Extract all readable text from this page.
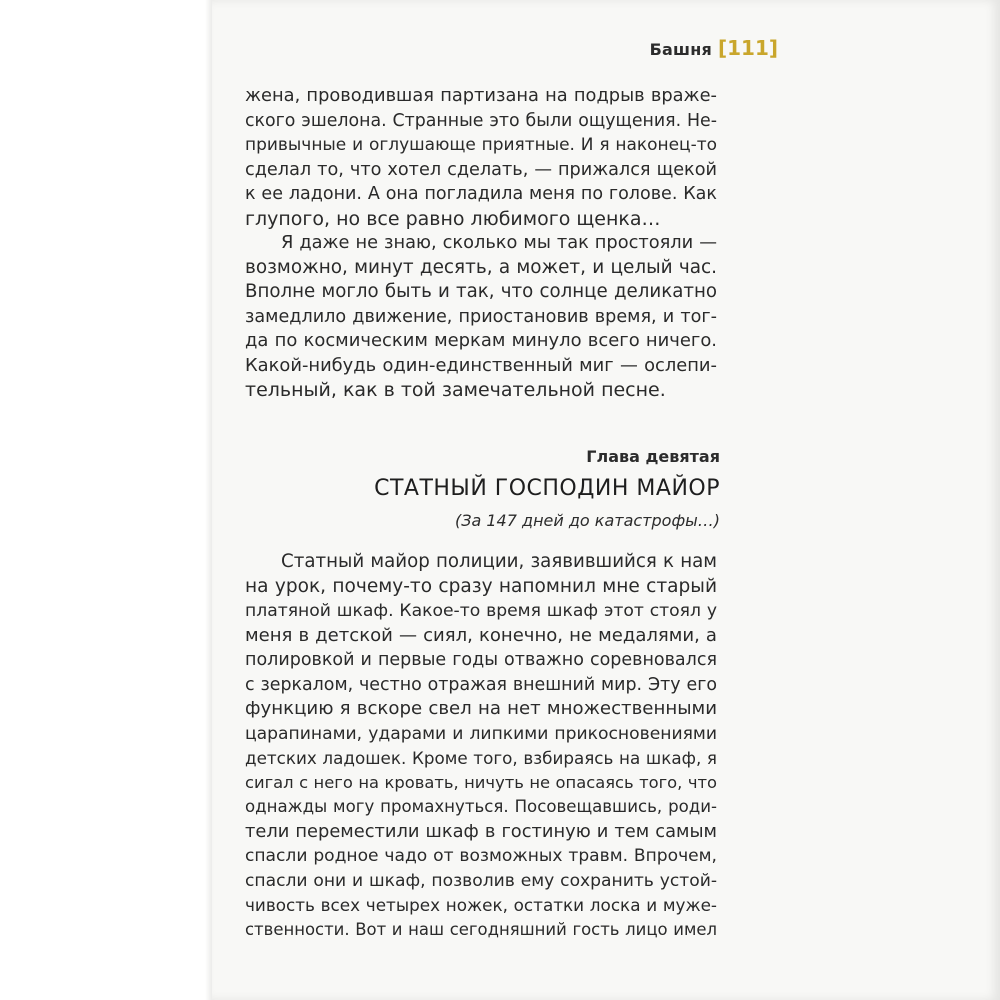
Башня [111]
жена, проводившая партизана на подрыв враже-
ского эшелона. Странные это были ощущения. Не-
привычные и оглушающе приятные. И я наконец-то
сделал то, что хотел сделать, — прижался щекой
к ее ладони. А она погладила меня по голове. Как
глупого, но все равно любимого щенка…
Я даже не знаю, сколько мы так простояли —
возможно, минут десять, а может, и целый час.
Вполне могло быть и так, что солнце деликатно
замедлило движение, приостановив время, и тог-
да по космическим меркам минуло всего ничего.
Какой-нибудь один-единственный миг — ослепи-
тельный, как в той замечательной песне.
Глава девятая
СТАТНЫЙ ГОСПОДИН МАЙОР
(За 147 дней до катастрофы…)
Статный майор полиции, заявившийся к нам
на урок, почему-то сразу напомнил мне старый
платяной шкаф. Какое-то время шкаф этот стоял у
меня в детской — сиял, конечно, не медалями, а
полировкой и первые годы отважно соревновался
с зеркалом, честно отражая внешний мир. Эту его
функцию я вскоре свел на нет множественными
царапинами, ударами и липкими прикосновениями
детских ладошек. Кроме того, взбираясь на шкаф, я
сигал с него на кровать, ничуть не опасаясь того, что
однажды могу промахнуться. Посовещавшись, роди-
тели переместили шкаф в гостиную и тем самым
спасли родное чадо от возможных травм. Впрочем,
спасли они и шкаф, позволив ему сохранить устой-
чивость всех четырех ножек, остатки лоска и муже-
ственности. Вот и наш сегодняшний гость лицо имел
